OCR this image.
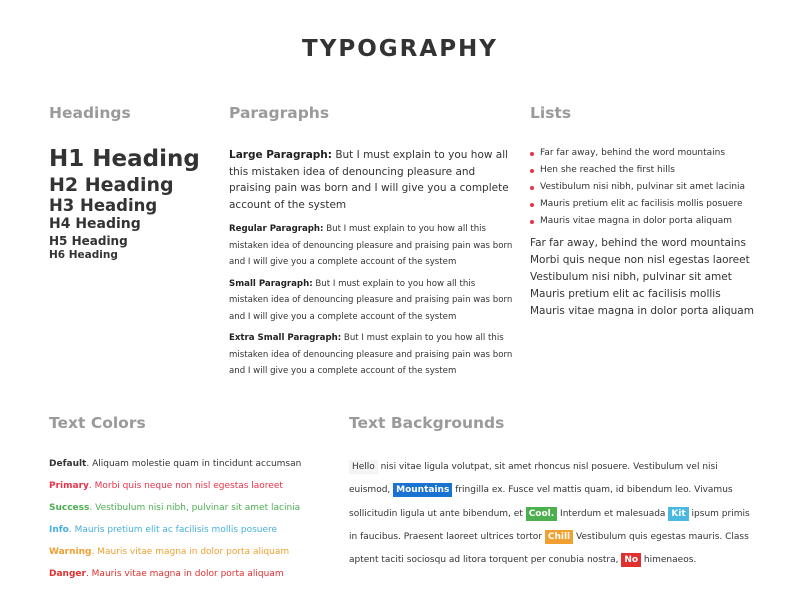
TYPOGRAPHY
Headings
H1 Heading
H2 Heading
H3 Heading
H4 Heading
H5 Heading
H6 Heading
Paragraphs

Large Paragraph: But I must explain to you how all this mistaken idea of denouncing pleasure and praising pain was born and I will give you a complete account of the system

Regular Paragraph: But I must explain to you how all this mistaken idea of denouncing pleasure and praising pain was born and I will give you a complete account of the system

Small Paragraph: But I must explain to you how all this mistaken idea of denouncing pleasure and praising pain was born and I will give you a complete account of the system

Extra Small Paragraph: But I must explain to you how all this mistaken idea of denouncing pleasure and praising pain was born and I will give you a complete account of the system

Lists
Far far away, behind the word mountains
Hen she reached the first hills
Vestibulum nisi nibh, pulvinar sit amet lacinia
Mauris pretium elit ac facilisis mollis posuere
Mauris vitae magna in dolor porta aliquam
Far far away, behind the word mountains
Morbi quis neque non nisl egestas laoreet
Vestibulum nisi nibh, pulvinar sit amet
Mauris pretium elit ac facilisis mollis
Mauris vitae magna in dolor porta aliquam
Text Colors
Default. Aliquam molestie quam in tincidunt accumsan
Primary. Morbi quis neque non nisl egestas laoreet
Success. Vestibulum nisi nibh, pulvinar sit amet lacinia
Info. Mauris pretium elit ac facilisis mollis posuere
Warning. Mauris vitae magna in dolor porta aliquam
Danger. Mauris vitae magna in dolor porta aliquam
Text Backgrounds
Hello nisi vitae ligula volutpat, sit amet rhoncus nisl posuere. Vestibulum vel nisi euismod, Mountains fringilla ex. Fusce vel mattis quam, id bibendum leo. Vivamus sollicitudin ligula ut ante bibendum, et Cool. Interdum et malesuada Kit ipsum primis in faucibus. Praesent laoreet ultrices tortor Chill Vestibulum quis egestas mauris. Class aptent taciti sociosqu ad litora torquent per conubia nostra, No himenaeos.
